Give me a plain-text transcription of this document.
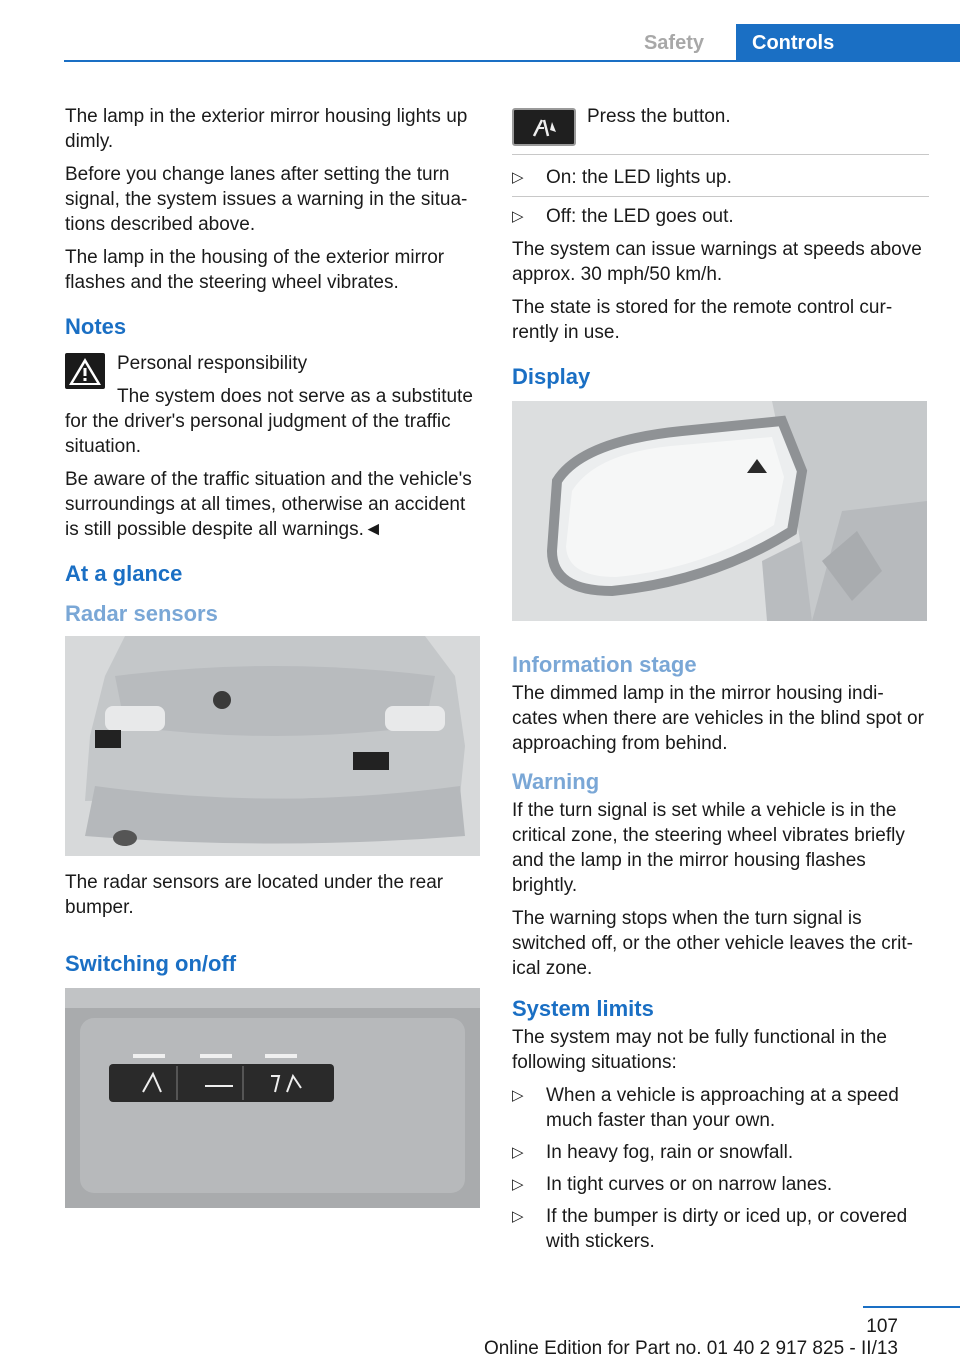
Safety	Controls

The lamp in the exterior mirror housing lights up dimly.

Before you change lanes after setting the turn signal, the system issues a warning in the situa‐tions described above.

The lamp in the housing of the exterior mirror flashes and the steering wheel vibrates.

Notes

Personal responsibility

The system does not serve as a substitute for the driver's personal judgment of the traffic situation.

Be aware of the traffic situation and the vehicle's surroundings at all times, otherwise an accident is still possible despite all warnings.◄

At a glance
Radar sensors

The radar sensors are located under the rear bumper.

Switching on/off
Press the button.
▷ On: the LED lights up.
▷ Off: the LED goes out.

The system can issue warnings at speeds above approx. 30 mph/50 km/h.

The state is stored for the remote control cur‐rently in use.

Display
Information stage

The dimmed lamp in the mirror housing indi‐cates when there are vehicles in the blind spot or approaching from behind.

Warning

If the turn signal is set while a vehicle is in the critical zone, the steering wheel vibrates briefly and the lamp in the mirror housing flashes brightly.

The warning stops when the turn signal is switched off, or the other vehicle leaves the crit‐ical zone.

System limits

The system may not be fully functional in the following situations:

▷ When a vehicle is approaching at a speed much faster than your own.
▷ In heavy fog, rain or snowfall.
▷ In tight curves or on narrow lanes.
▷ If the bumper is dirty or iced up, or covered with stickers.
107
Online Edition for Part no. 01 40 2 917 825 - II/13
